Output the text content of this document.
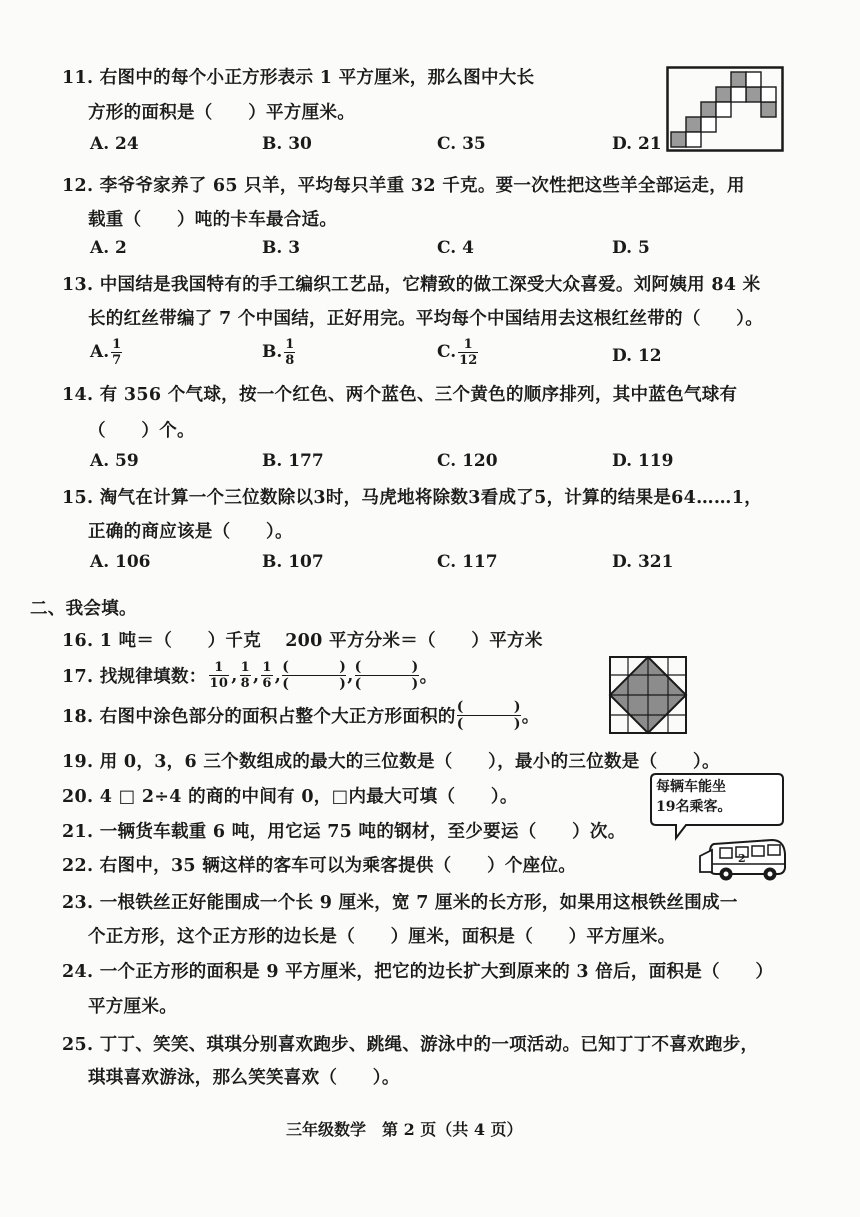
11. 右图中的每个小正方形表示 1 平方厘米，那么图中大长
方形的面积是（　　）平方厘米。
A. 24	B. 30	C. 35	D. 21
12. 李爷爷家养了 65 只羊，平均每只羊重 32 千克。要一次性把这些羊全部运走，用
载重（　　）吨的卡车最合适。
A. 2	B. 3	C. 4	D. 5
13. 中国结是我国特有的手工编织工艺品，它精致的做工深受大众喜爱。刘阿姨用 84 米
长的红丝带编了 7 个中国结，正好用完。平均每个中国结用去这根红丝带的（　　）。
A. $\frac{1}{7}$	B. $\frac{1}{8}$	C. $\frac{1}{12}$	D. 12
14. 有 356 个气球，按一个红色、两个蓝色、三个黄色的顺序排列，其中蓝色气球有
（　　）个。
A. 59	B. 177	C. 120	D. 119
15. 淘气在计算一个三位数除以3时，马虎地将除数3看成了5，计算的结果是64……1，
正确的商应该是（　　）。
A. 106	B. 107	C. 117	D. 321
二、我会填。
16. 1 吨＝（　　）千克　 200 平方分米＝（　　）平方米
17. 找规律填数： $\frac{1}{10}$ , $\frac{1}{8}$ , $\frac{1}{6}$ , (	)
(	) , (	)
(	) 。
18. 右图中涂色部分的面积占整个大正方形面积的 (	)
(	) 。
19. 用 0，3，6 三个数组成的最大的三位数是（　　），最小的三位数是（　　）。
20. 4 □ 2÷4 的商的中间有 0，□内最大可填（　　）。
21. 一辆货车载重 6 吨，用它运 75 吨的钢材，至少要运（　　）次。
22. 右图中，35 辆这样的客车可以为乘客提供（　　）个座位。
每辆车能坐
19名乘客。
2
23. 一根铁丝正好能围成一个长 9 厘米，宽 7 厘米的长方形，如果用这根铁丝围成一
个正方形，这个正方形的边长是（　　）厘米，面积是（　　）平方厘米。
24. 一个正方形的面积是 9 平方厘米，把它的边长扩大到原来的 3 倍后，面积是（　　）
平方厘米。
25. 丁丁、笑笑、琪琪分别喜欢跑步、跳绳、游泳中的一项活动。已知丁丁不喜欢跑步，
琪琪喜欢游泳，那么笑笑喜欢（　　）。
三年级数学　第 2 页（共 4 页）
